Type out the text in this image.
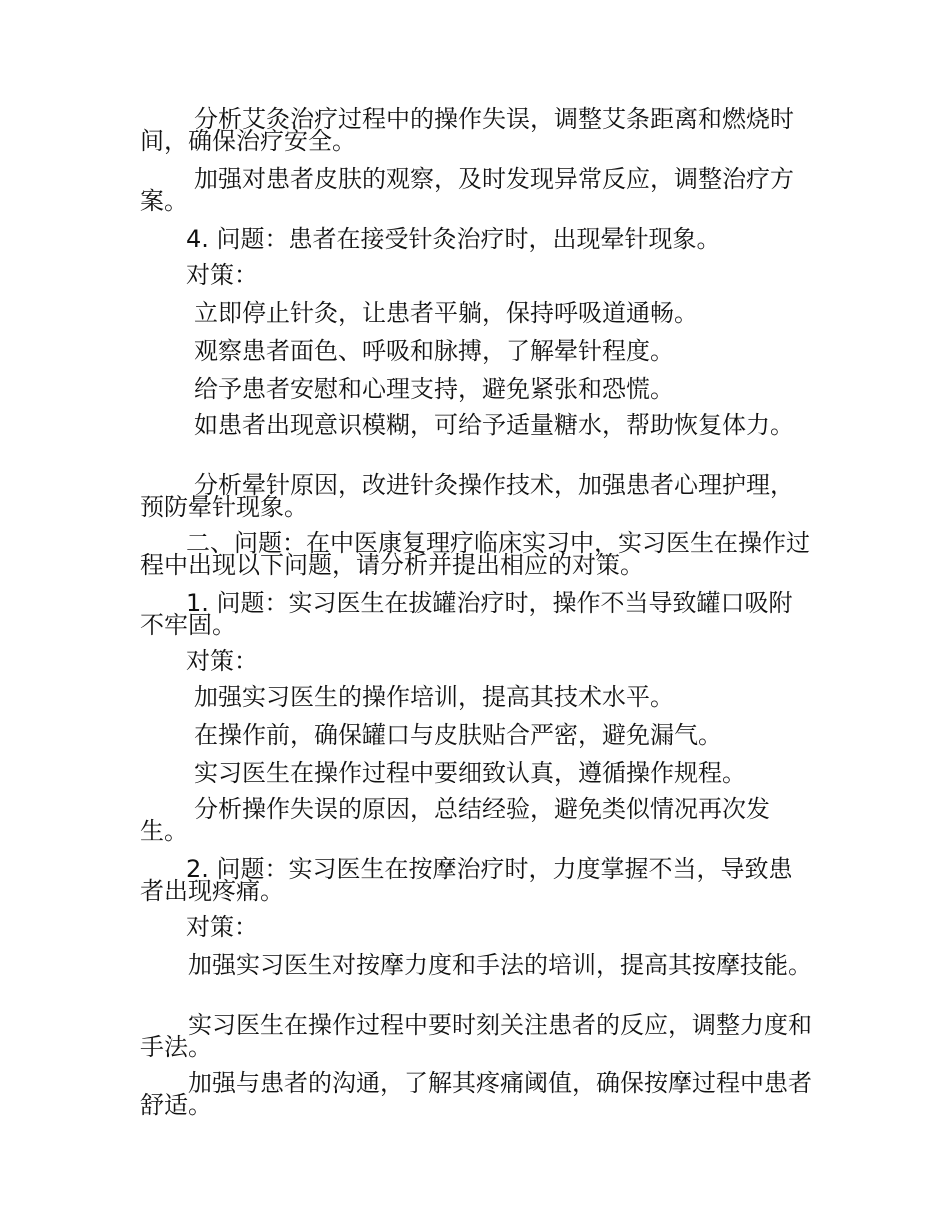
分析艾灸治疗过程中的操作失误，调整艾条距离和燃烧时间，确保治疗安全。

加强对患者皮肤的观察，及时发现异常反应，调整治疗方案。

4. 问题：患者在接受针灸治疗时，出现晕针现象。

对策：

立即停止针灸，让患者平躺，保持呼吸道通畅。

观察患者面色、呼吸和脉搏，了解晕针程度。

给予患者安慰和心理支持，避免紧张和恐慌。

如患者出现意识模糊，可给予适量糖水，帮助恢复体力。

分析晕针原因，改进针灸操作技术，加强患者心理护理，预防晕针现象。

二、问题：在中医康复理疗临床实习中，实习医生在操作过程中出现以下问题，请分析并提出相应的对策。

1. 问题：实习医生在拔罐治疗时，操作不当导致罐口吸附不牢固。

对策：

加强实习医生的操作培训，提高其技术水平。

在操作前，确保罐口与皮肤贴合严密，避免漏气。

实习医生在操作过程中要细致认真，遵循操作规程。

分析操作失误的原因，总结经验，避免类似情况再次发生。

2. 问题：实习医生在按摩治疗时，力度掌握不当，导致患者出现疼痛。

对策：

加强实习医生对按摩力度和手法的培训，提高其按摩技能。

实习医生在操作过程中要时刻关注患者的反应，调整力度和手法。

加强与患者的沟通，了解其疼痛阈值，确保按摩过程中患者舒适。
